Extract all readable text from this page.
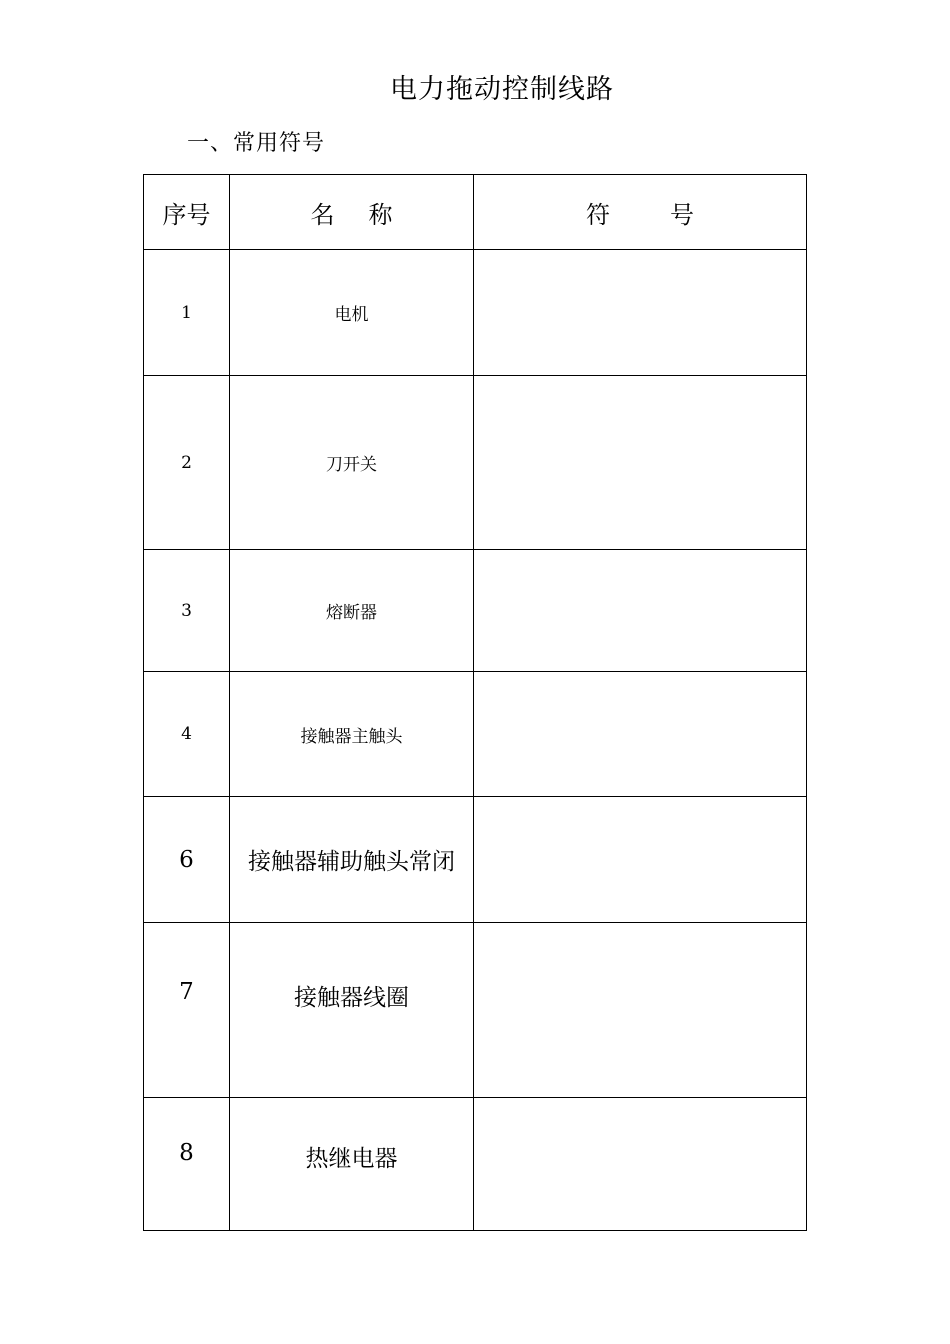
电力拖动控制线路
一、常用符号
序号	名称	符号
1	电机	
2	刀开关	
3	熔断器	
4	接触器主触头	
6	接触器辅助触头常闭	
7	接触器线圈	
8	热继电器	
